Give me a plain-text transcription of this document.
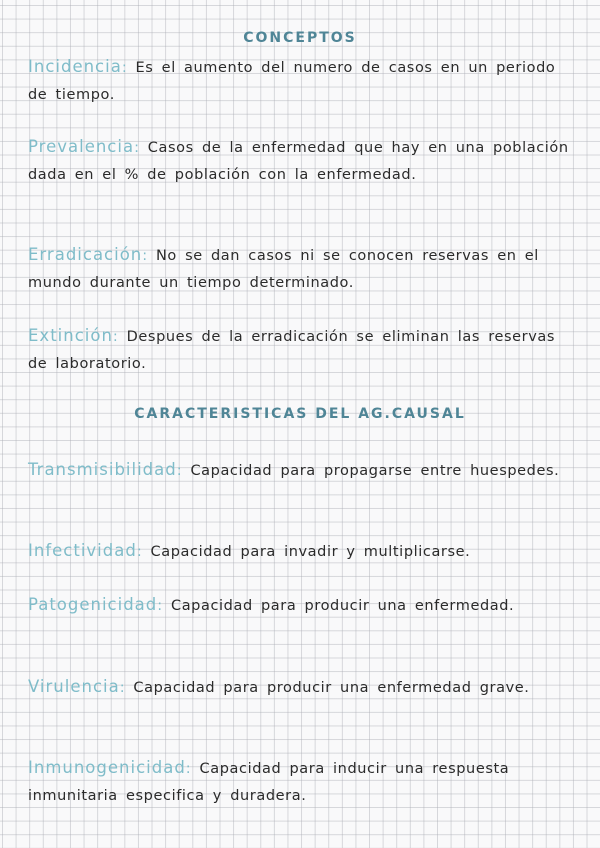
CONCEPTOS
Incidencia: Es el aumento del numero de casos en un periodo de tiempo.
Prevalencia: Casos de la enfermedad que hay en una población dada en el % de población con la enfermedad.
Erradicación: No se dan casos ni se conocen reservas en el mundo durante un tiempo determinado.
Extinción: Despues de la erradicación se eliminan las reservas de laboratorio.
CARACTERISTICAS DEL AG.CAUSAL
Transmisibilidad: Capacidad para propagarse entre huespedes.
Infectividad: Capacidad para invadir y multiplicarse.
Patogenicidad: Capacidad para producir una enfermedad.
Virulencia: Capacidad para producir una enfermedad grave.
Inmunogenicidad: Capacidad para inducir una respuesta inmunitaria especifica y duradera.
